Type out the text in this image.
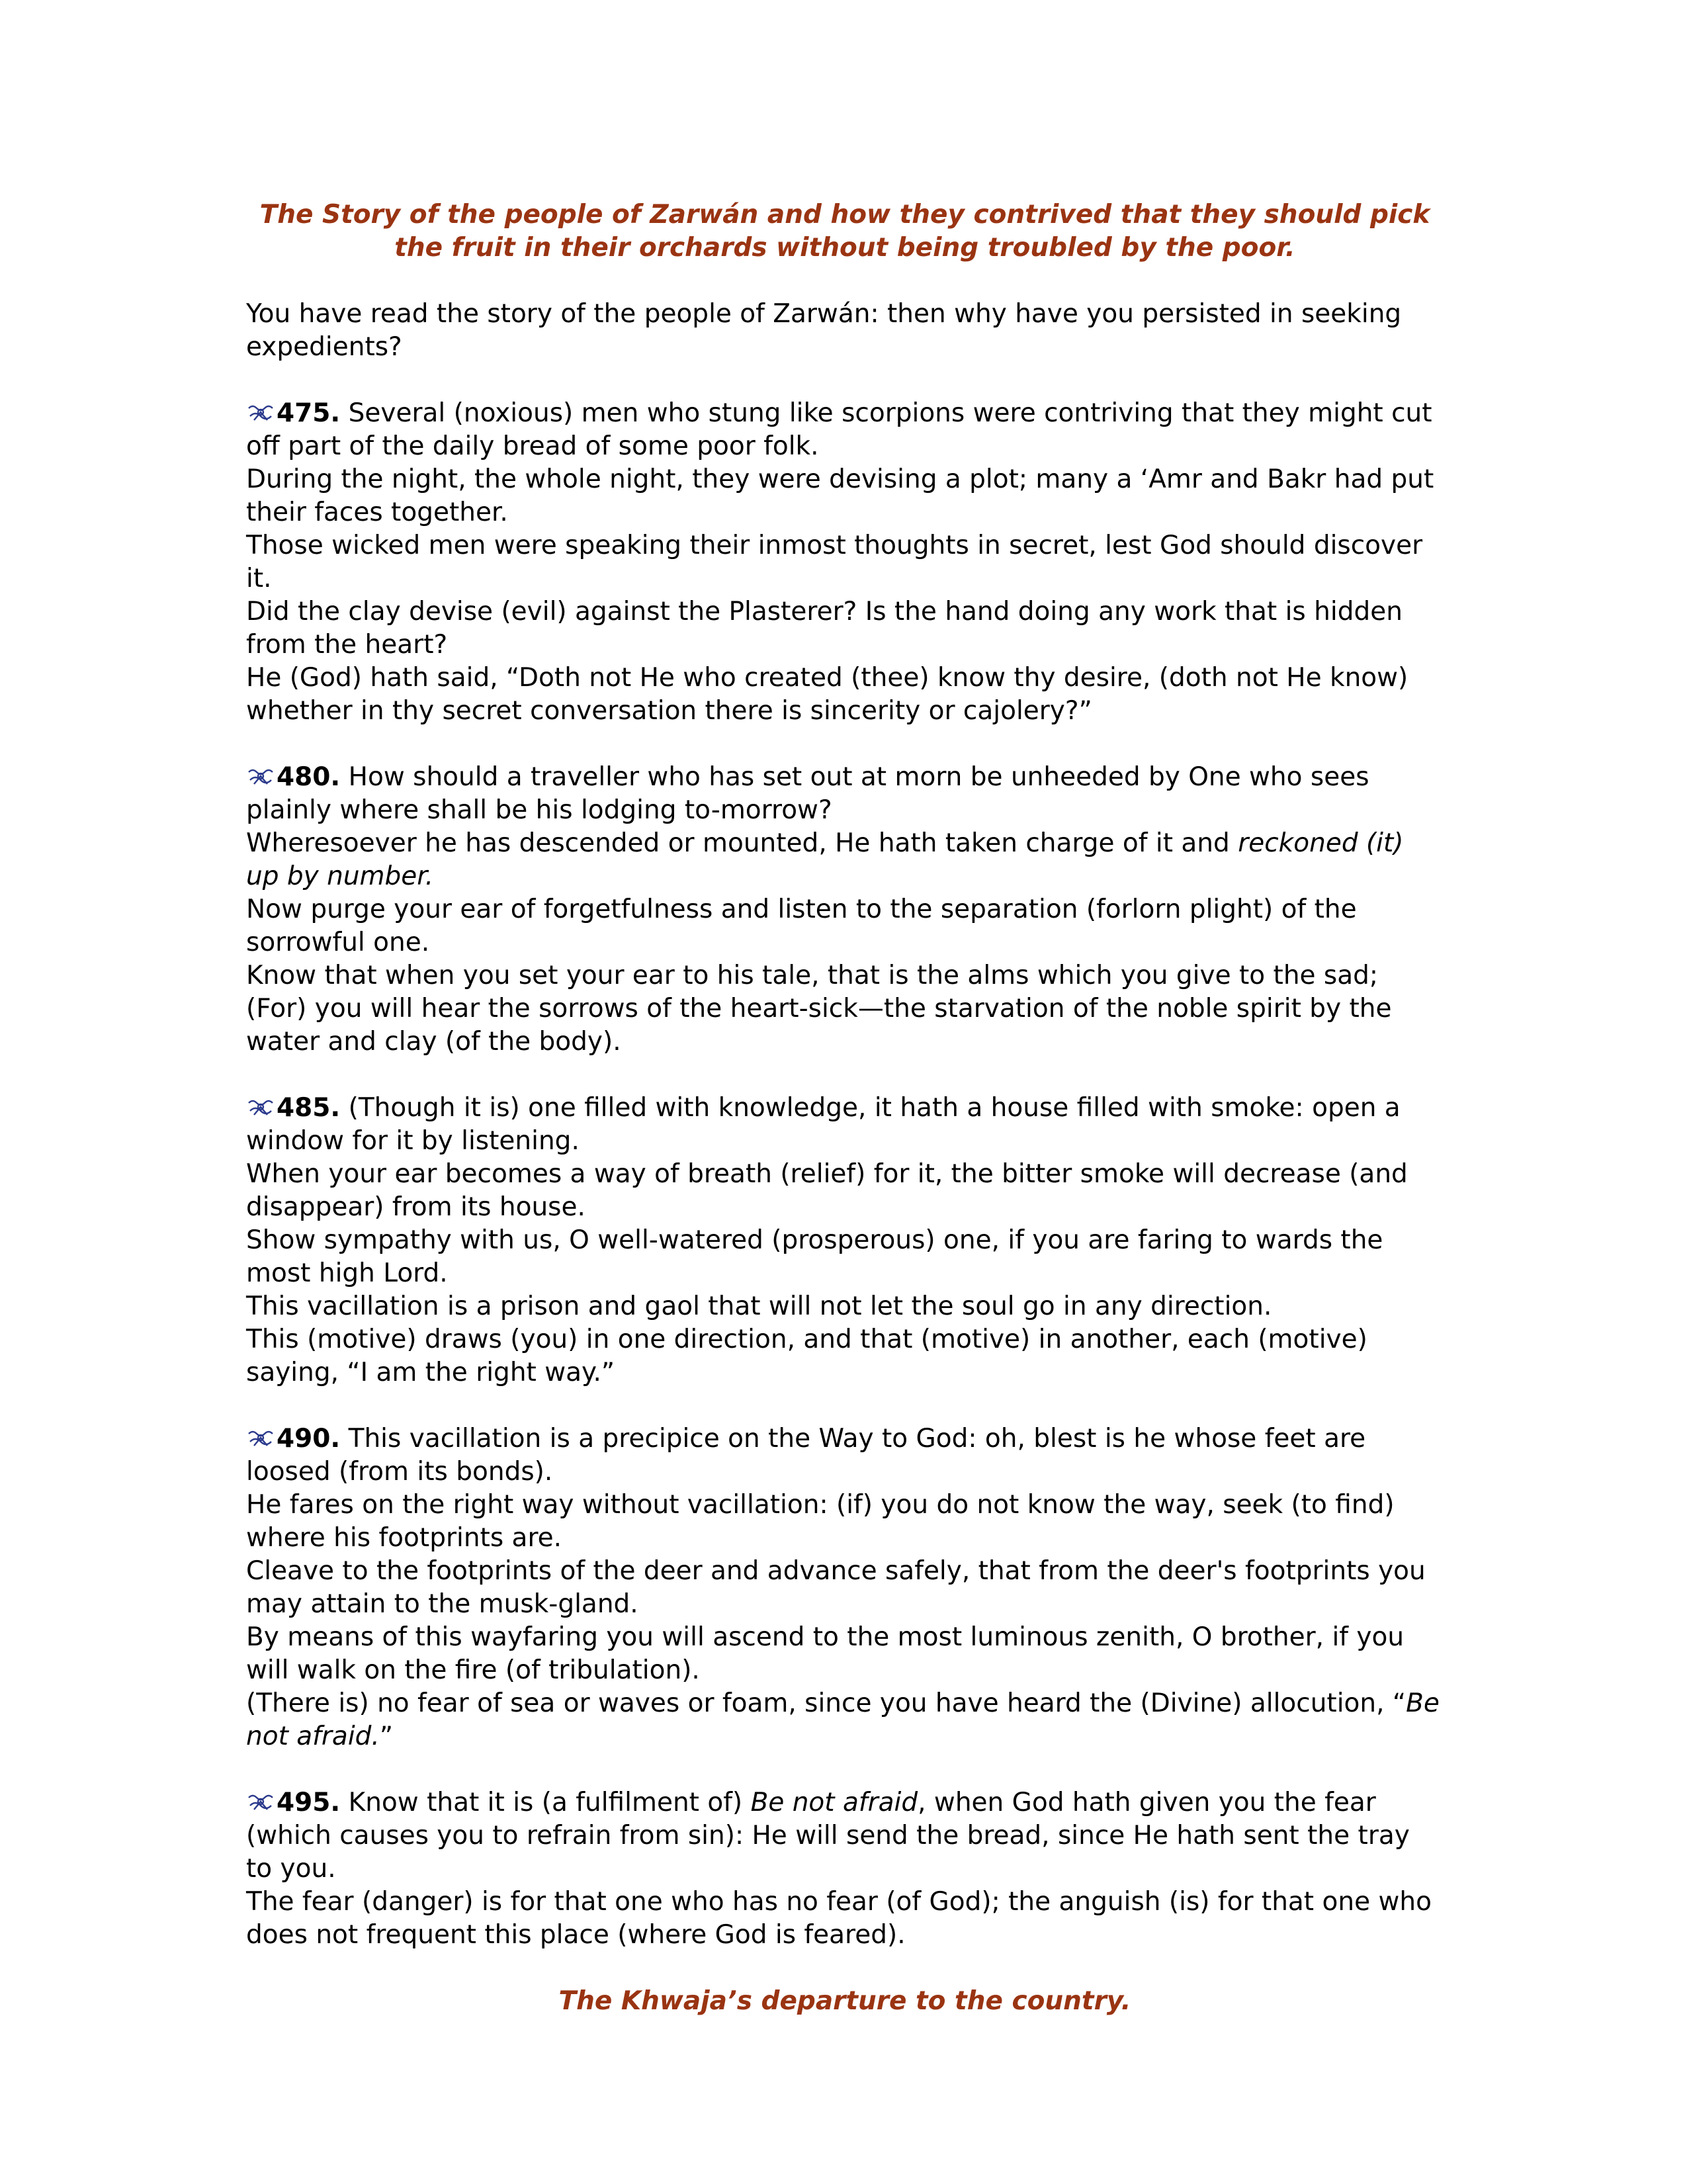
The Story of the people of Zarwán and how they contrived that they should pick the fruit in their orchards without being troubled by the poor.
You have read the story of the people of Zarwán: then why have you persisted in seeking expedients?
475. Several (noxious) men who stung like scorpions were contriving that they might cut off part of the daily bread of some poor folk.
During the night, the whole night, they were devising a plot; many a ‘Amr and Bakr had put their faces together.
Those wicked men were speaking their inmost thoughts in secret, lest God should discover it.
Did the clay devise (evil) against the Plasterer? Is the hand doing any work that is hidden from the heart?
He (God) hath said, “Doth not He who created (thee) know thy desire, (doth not He know) whether in thy secret conversation there is sincerity or cajolery?”
480. How should a traveller who has set out at morn be unheeded by One who sees plainly where shall be his lodging to-morrow?
Wheresoever he has descended or mounted, He hath taken charge of it and reckoned (it) up by number.
Now purge your ear of forgetfulness and listen to the separation (forlorn plight) of the sorrowful one.
Know that when you set your ear to his tale, that is the alms which you give to the sad;
(For) you will hear the sorrows of the heart-sick—the starvation of the noble spirit by the water and clay (of the body).
485. (Though it is) one filled with knowledge, it hath a house filled with smoke: open a window for it by listening.
When your ear becomes a way of breath (relief) for it, the bitter smoke will decrease (and disappear) from its house.
Show sympathy with us, O well-watered (prosperous) one, if you are faring to wards the most high Lord.
This vacillation is a prison and gaol that will not let the soul go in any direction.
This (motive) draws (you) in one direction, and that (motive) in another, each (motive) saying, “I am the right way.”
490. This vacillation is a precipice on the Way to God: oh, blest is he whose feet are loosed (from its bonds).
He fares on the right way without vacillation: (if) you do not know the way, seek (to find) where his footprints are.
Cleave to the footprints of the deer and advance safely, that from the deer's footprints you may attain to the musk-gland.
By means of this wayfaring you will ascend to the most luminous zenith, O brother, if you will walk on the fire (of tribulation).
(There is) no fear of sea or waves or foam, since you have heard the (Divine) allocution, “Be not afraid.”
495. Know that it is (a fulfilment of) Be not afraid, when God hath given you the fear (which causes you to refrain from sin): He will send the bread, since He hath sent the tray to you.
The fear (danger) is for that one who has no fear (of God); the anguish (is) for that one who does not frequent this place (where God is feared).
The Khwaja’s departure to the country.
